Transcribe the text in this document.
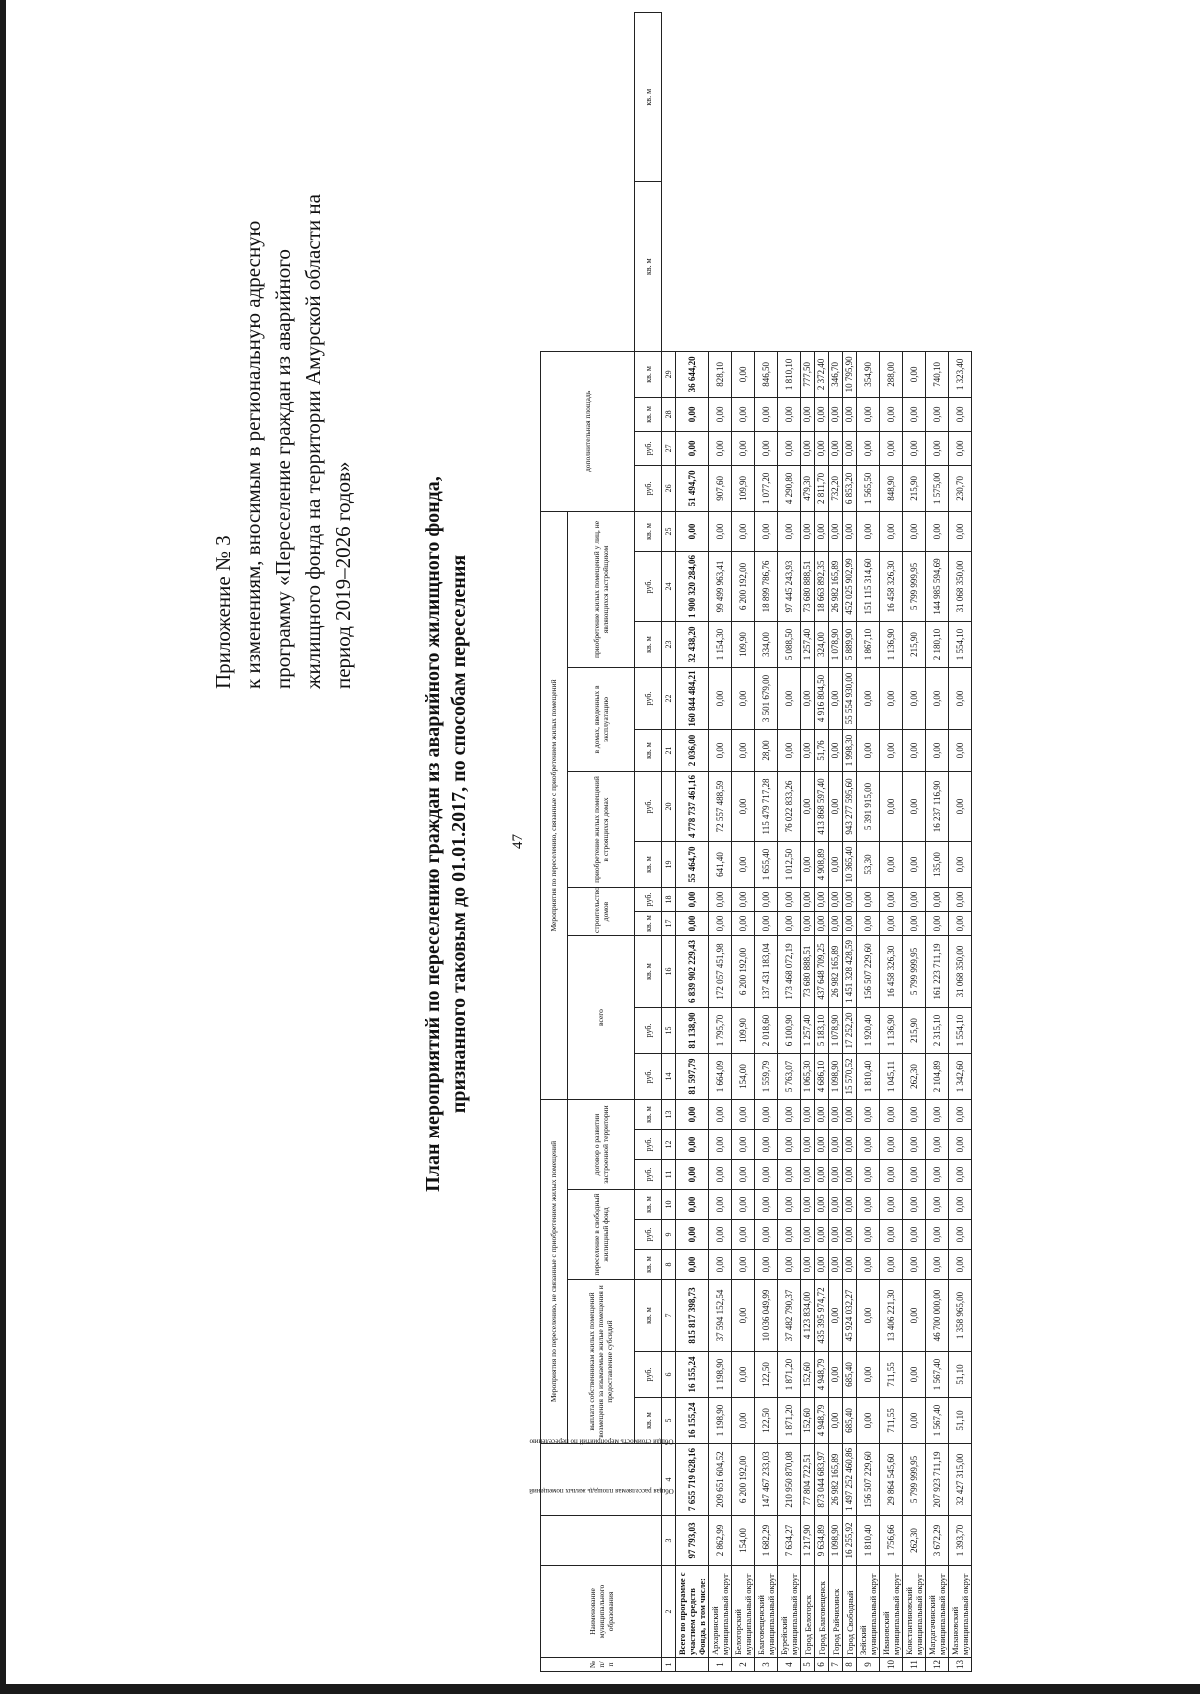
47
Приложение № 3 к изменениям, вносимым в региональную адресную программу «Переселение граждан из аварийного жилищного фонда на территории Амурской области на период 2019–2026 годов»	План мероприятий по переселению граждан из аварийного жилищного фонда, признанного таковым до 01.01.2017, по способам переселения
№ п/п	Наименование муниципального образования	Общая расселяемая площадь жилых помещений	Общая стоимость мероприятий по переселению	Мероприятия по переселению, не связанные с приобретением жилых помещений									Мероприятия по переселению, связанные с приобретением жилых помещений												дополнительная площадь					
				выплата собственникам жилых помещений возмещения за изымаемые жилые помещения и предоставление субсидий			переселение в свободный жилищный фонд			договор о развитии застроенной территории			всего			строительство домов		приобретение жилых помещений в строящихся домах		в домах, введенных в эксплуатацию		приобретение жилых помещений у лиц, не являющихся застройщиком								
				кв. м	руб.	кв. м	кв. м	руб.	кв. м	руб.	руб.	кв. м	руб.	руб.	кв. м	кв. м	руб.	кв. м	руб.	кв. м	руб.	кв. м	руб.	кв. м	руб.	руб.	кв. м	кв. м	кв. м	кв. м
1	2	3	4	5	6	7	8	9	10	11	12	13	14	15	16	17	18	19	20	21	22	23	24	25	26	27	28	29		
	Всего по программе с участием средств Фонда, в том числе:	97 793,03	7 655 719 628,16	16 155,24	16 155,24	815 817 398,73	0,00	0,00	0,00	0,00	0,00	0,00	81 597,79	81 138,90	6 839 902 229,43	0,00	0,00	55 464,70	4 778 737 461,16	2 036,00	160 844 484,21	32 438,20	1 900 320 284,06	0,00	51 494,70	0,00	0,00	36 644,20		
1	Архаринский муниципальный округ	2 862,99	209 651 604,52	1 198,90	1 198,90	37 594 152,54	0,00	0,00	0,00	0,00	0,00	0,00	1 664,09	1 795,70	172 057 451,98	0,00	0,00	641,40	72 557 488,59	0,00	0,00	1 154,30	99 499 963,41	0,00	907,60	0,00	0,00	828,10		
2	Белогорский муниципальный округ	154,00	6 200 192,00	0,00	0,00	0,00	0,00	0,00	0,00	0,00	0,00	0,00	154,00	109,90	6 200 192,00	0,00	0,00	0,00	0,00	0,00	0,00	109,90	6 200 192,00	0,00	109,90	0,00	0,00	0,00		
3	Благовещенский муниципальный округ	1 682,29	147 467 233,03	122,50	122,50	10 036 049,99	0,00	0,00	0,00	0,00	0,00	0,00	1 559,79	2 018,60	137 431 183,04	0,00	0,00	1 655,40	115 479 717,28	28,00	3 501 679,00	334,00	18 899 786,76	0,00	1 077,20	0,00	0,00	846,50		
4	Бурейский муниципальный округ	7 634,27	210 950 870,08	1 871,20	1 871,20	37 482 790,37	0,00	0,00	0,00	0,00	0,00	0,00	5 763,07	6 100,90	173 468 072,19	0,00	0,00	1 012,50	76 022 833,26	0,00	0,00	5 088,50	97 445 243,93	0,00	4 290,80	0,00	0,00	1 810,10		
5	Город Белогорск	1 217,90	77 804 722,51	152,60	152,60	4 123 834,00	0,00	0,00	0,00	0,00	0,00	0,00	1 065,30	1 257,40	73 680 888,51	0,00	0,00	0,00	0,00	0,00	0,00	1 257,40	73 680 888,51	0,00	479,30	0,00	0,00	777,50		
6	Город Благовещенск	9 634,89	873 044 683,97	4 948,79	4 948,79	435 395 974,72	0,00	0,00	0,00	0,00	0,00	0,00	4 686,10	5 183,10	437 648 709,25	0,00	0,00	4 908,89	413 868 597,40	51,76	4 916 804,50	324,00	18 663 892,35	0,00	2 811,70	0,00	0,00	2 372,40		
7	Город Райчихинск	1 098,90	26 982 165,89	0,00	0,00	0,00	0,00	0,00	0,00	0,00	0,00	0,00	1 098,90	1 078,90	26 982 165,89	0,00	0,00	0,00	0,00	0,00	0,00	1 078,90	26 982 165,89	0,00	732,20	0,00	0,00	346,70		
8	Город Свободный	16 255,92	1 497 252 460,86	685,40	685,40	45 924 032,27	0,00	0,00	0,00	0,00	0,00	0,00	15 570,52	17 252,20	1 451 328 428,59	0,00	0,00	10 365,40	943 277 595,60	1 998,30	55 554 930,00	5 889,90	452 025 902,99	0,00	6 853,20	0,00	0,00	10 795,90		
9	Зейский муниципальный округ	1 810,40	156 507 229,60	0,00	0,00	0,00	0,00	0,00	0,00	0,00	0,00	0,00	1 810,40	1 920,40	156 507 229,60	0,00	0,00	53,30	5 391 915,00	0,00	0,00	1 867,10	151 115 314,60	0,00	1 565,50	0,00	0,00	354,90		
10	Ивановский муниципальный округ	1 756,66	29 864 545,60	711,55	711,55	13 406 221,30	0,00	0,00	0,00	0,00	0,00	0,00	1 045,11	1 136,90	16 458 326,30	0,00	0,00	0,00	0,00	0,00	0,00	1 136,90	16 458 326,30	0,00	848,90	0,00	0,00	288,00		
11	Константиновский муниципальный округ	262,30	5 799 999,95	0,00	0,00	0,00	0,00	0,00	0,00	0,00	0,00	0,00	262,30	215,90	5 799 999,95	0,00	0,00	0,00	0,00	0,00	0,00	215,90	5 799 999,95	0,00	215,90	0,00	0,00	0,00		
12	Магдагачинский муниципальный округ	3 672,29	207 923 711,19	1 567,40	1 567,40	46 700 000,00	0,00	0,00	0,00	0,00	0,00	0,00	2 104,89	2 315,10	161 223 711,19	0,00	0,00	135,00	16 237 116,90	0,00	0,00	2 180,10	144 985 594,69	0,00	1 575,00	0,00	0,00	740,10		
13	Мазановский муниципальный округ	1 393,70	32 427 315,00	51,10	51,10	1 358 965,00	0,00	0,00	0,00	0,00	0,00	0,00	1 342,60	1 554,10	31 068 350,00	0,00	0,00	0,00	0,00	0,00	0,00	1 554,10	31 068 350,00	0,00	230,70	0,00	0,00	1 323,40		
